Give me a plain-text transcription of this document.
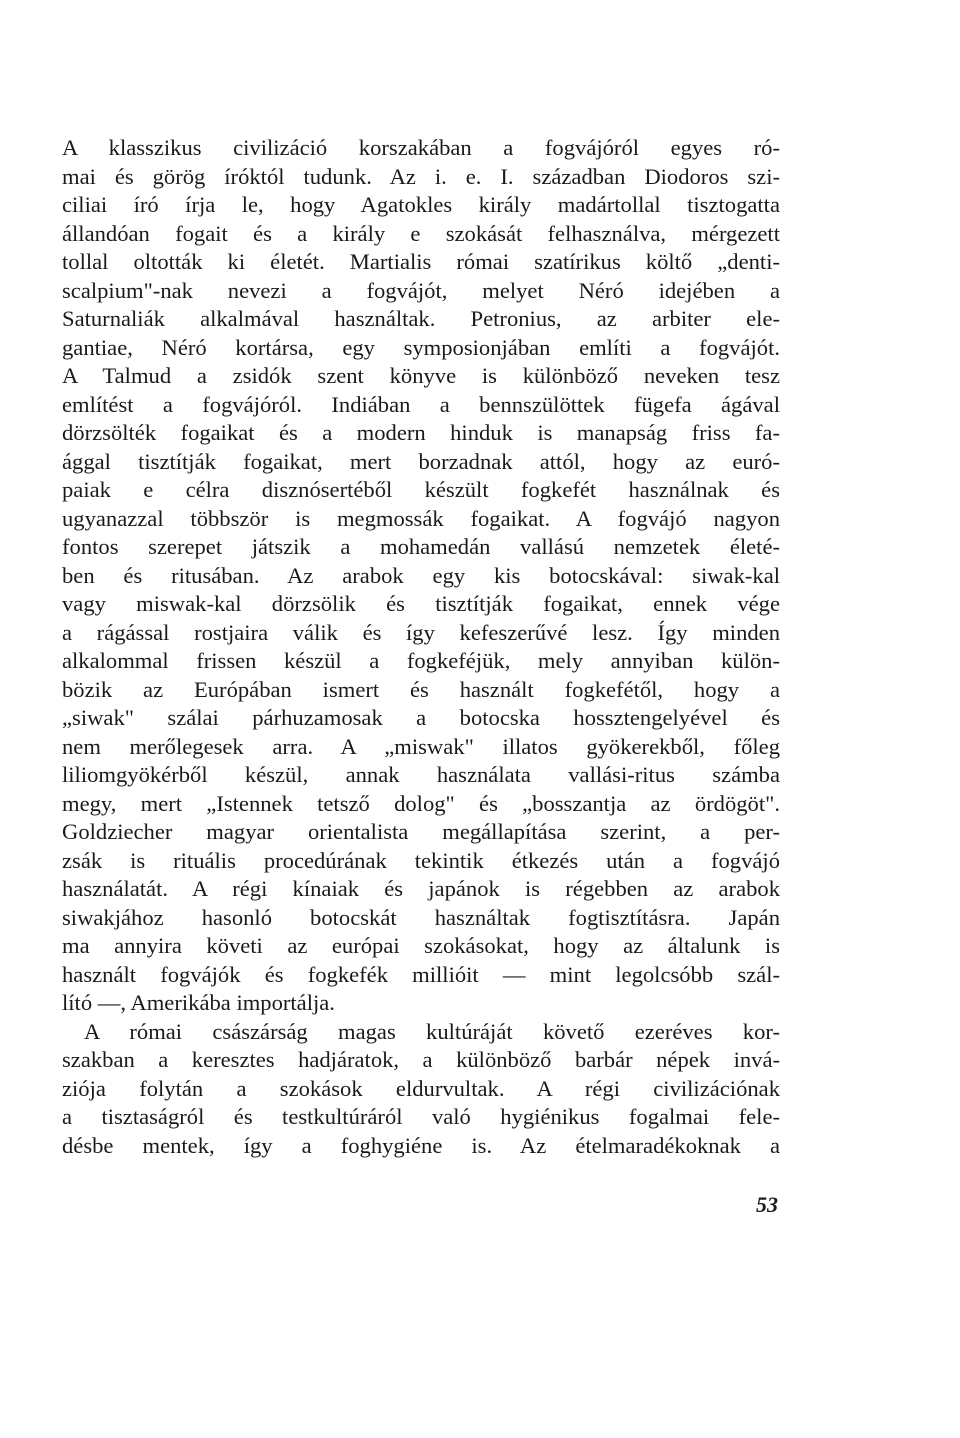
A klasszikus civilizáció korszakában a fogvájóról egyes ró-
mai és görög íróktól tudunk. Az i. e. I. században Diodoros szi-
ciliai író írja le, hogy Agatokles király madártollal tisztogatta
állandóan fogait és a király e szokását felhasználva, mérgezett
tollal oltották ki életét. Martialis római szatírikus költő „denti-
scalpium"-nak nevezi a fogvájót, melyet Néró idejében a
Saturnaliák alkalmával használtak. Petronius, az arbiter ele-
gantiae, Néró kortársa, egy symposionjában említi a fogvájót.
A Talmud a zsidók szent könyve is különböző neveken tesz
említést a fogvájóról. Indiában a bennszülöttek fügefa ágával
dörzsölték fogaikat és a modern hinduk is manapság friss fa-
ággal tisztítják fogaikat, mert borzadnak attól, hogy az euró-
paiak e célra disznósertéből készült fogkefét használnak és
ugyanazzal többször is megmossák fogaikat. A fogvájó nagyon
fontos szerepet játszik a mohamedán vallású nemzetek életé-
ben és ritusában. Az arabok egy kis botocskával: siwak-kal
vagy miswak-kal dörzsölik és tisztítják fogaikat, ennek vége
a rágással rostjaira válik és így kefeszerűvé lesz. Így minden
alkalommal frissen készül a fogkeféjük, mely annyiban külön-
bözik az Európában ismert és használt fogkefétől, hogy a
„siwak" szálai párhuzamosak a botocska hossztengelyével és
nem merőlegesek arra. A „miswak" illatos gyökerekből, főleg
liliomgyökérből készül, annak használata vallási-ritus számba
megy, mert „Istennek tetsző dolog" és „bosszantja az ördögöt".
Goldziecher magyar orientalista megállapítása szerint, a per-
zsák is rituális procedúrának tekintik étkezés után a fogvájó
használatát. A régi kínaiak és japánok is régebben az arabok
siwakjához hasonló botocskát használtak fogtisztításra. Japán
ma annyira követi az európai szokásokat, hogy az általunk is
használt fogvájók és fogkefék millióit — mint legolcsóbb szál-
lító —, Amerikába importálja.
A római császárság magas kultúráját követő ezeréves kor-
szakban a keresztes hadjáratok, a különböző barbár népek invá-
ziója folytán a szokások eldurvultak. A régi civilizációnak
a tisztaságról és testkultúráról való hygiénikus fogalmai fele-
désbe mentek, így a foghygiéne is. Az ételmaradékoknak a
53
